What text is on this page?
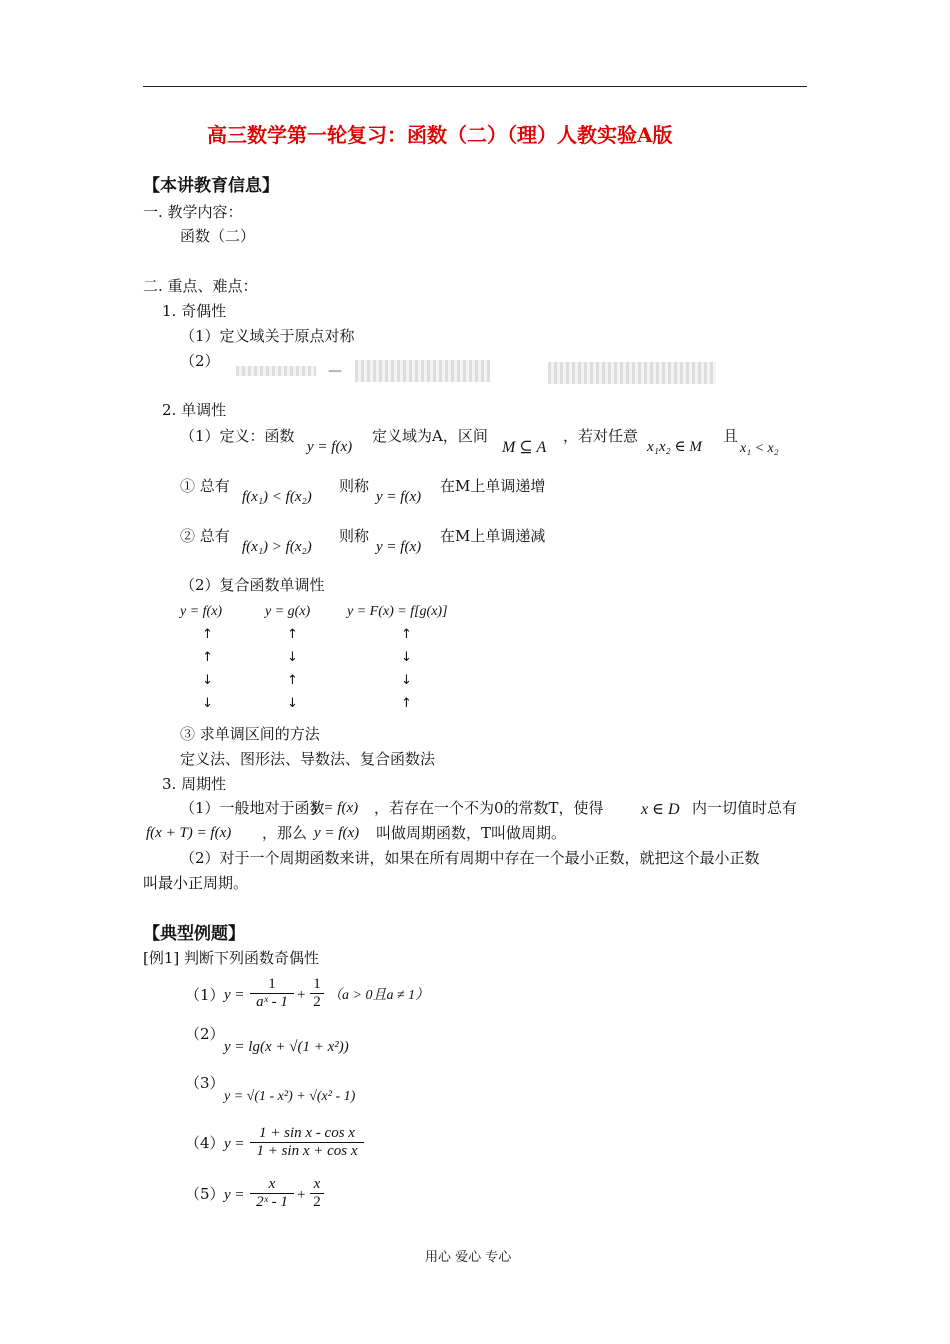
高三数学第一轮复习：函数（二）（理）人教实验A版
【本讲教育信息】
一. 教学内容：
函数（二）
二. 重点、难点：
1. 奇偶性
（1）定义域关于原点对称
（2）
—
2. 单调性
（1）定义：函数
y = f(x)
定义域为A，区间
M ⊆ A
，若对任意
x₁x₂ ∈ M
且
x₁ < x₂
① 总有
f(x₁) < f(x₂)
则称
y = f(x)
在M上单调递增
② 总有
f(x₁) > f(x₂)
则称
y = f(x)
在M上单调递减
（2）复合函数单调性
y = f(x)	y = g(x)	y = F(x) = f[g(x)]
↑	↑	↑
↑	↓	↓
↓	↑	↓
↓	↓	↑
③ 求单调区间的方法
定义法、图形法、导数法、复合函数法
3. 周期性
（1）一般地对于函数
y = f(x) ，若存在一个不为0的常数T，使得 x ∈ D 内一切值时总有
f(x + T) = f(x) ，那么 y = f(x) 叫做周期函数，T叫做周期。
（2）对于一个周期函数来讲，如果在所有周期中存在一个最小正数，就把这个最小正数
叫最小正周期。
【典型例题】
[例1] 判断下列函数奇偶性
（1） y =
1
aˣ - 1 +
1
2 （a > 0且a ≠ 1）
（2）
y = lg(x + √(1 + x²))
（3）
y = √(1 - x²) + √(x² - 1)
（4） y =
1 + sin x - cos x
1 + sin x + cos x
（5） y =
x
2ˣ - 1 +
x
2
用心 爱心 专心
